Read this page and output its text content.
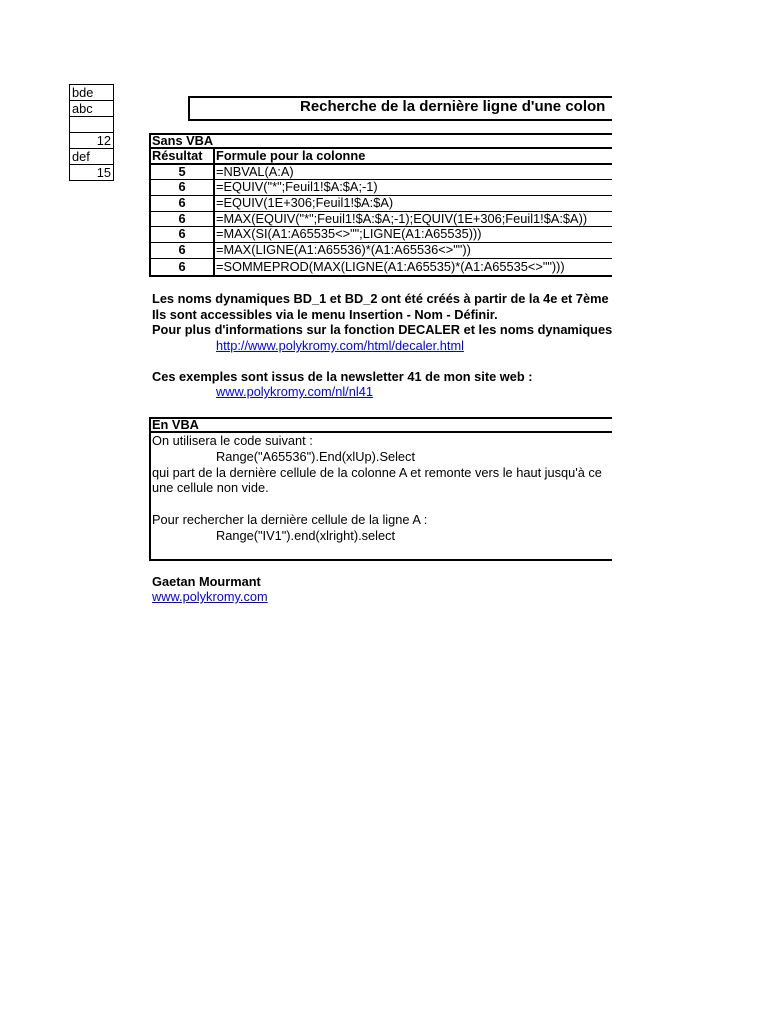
bde
abc
12
def
15
Recherche de la dernière ligne d'une colon
Sans VBA
Résultat	Formule pour la colonne
5	=NBVAL(A:A)
6	=EQUIV("*";Feuil1!$A:$A;-1)
6	=EQUIV(1E+306;Feuil1!$A:$A)
6	=MAX(EQUIV("*";Feuil1!$A:$A;-1);EQUIV(1E+306;Feuil1!$A:$A))
6	=MAX(SI(A1:A65535<>"";LIGNE(A1:A65535)))
6	=MAX(LIGNE(A1:A65536)*(A1:A65536<>""))
6	=SOMMEPROD(MAX(LIGNE(A1:A65535)*(A1:A65535<>"")))
Les noms dynamiques BD_1 et BD_2 ont été créés à partir de la 4e et 7ème
Ils sont accessibles via le menu Insertion - Nom - Définir.
Pour plus d'informations sur la fonction DECALER et les noms dynamiques
http://www.polykromy.com/html/decaler.html
Ces exemples sont issus de la newsletter 41 de mon site web :
www.polykromy.com/nl/nl41
En VBA
On utilisera le code suivant :
Range("A65536").End(xlUp).Select
qui part de la dernière cellule de la colonne A et remonte vers le haut jusqu'à ce
une cellule non vide.
Pour rechercher la dernière cellule de la ligne A :
Range("IV1").end(xlright).select
Gaetan Mourmant
www.polykromy.com
